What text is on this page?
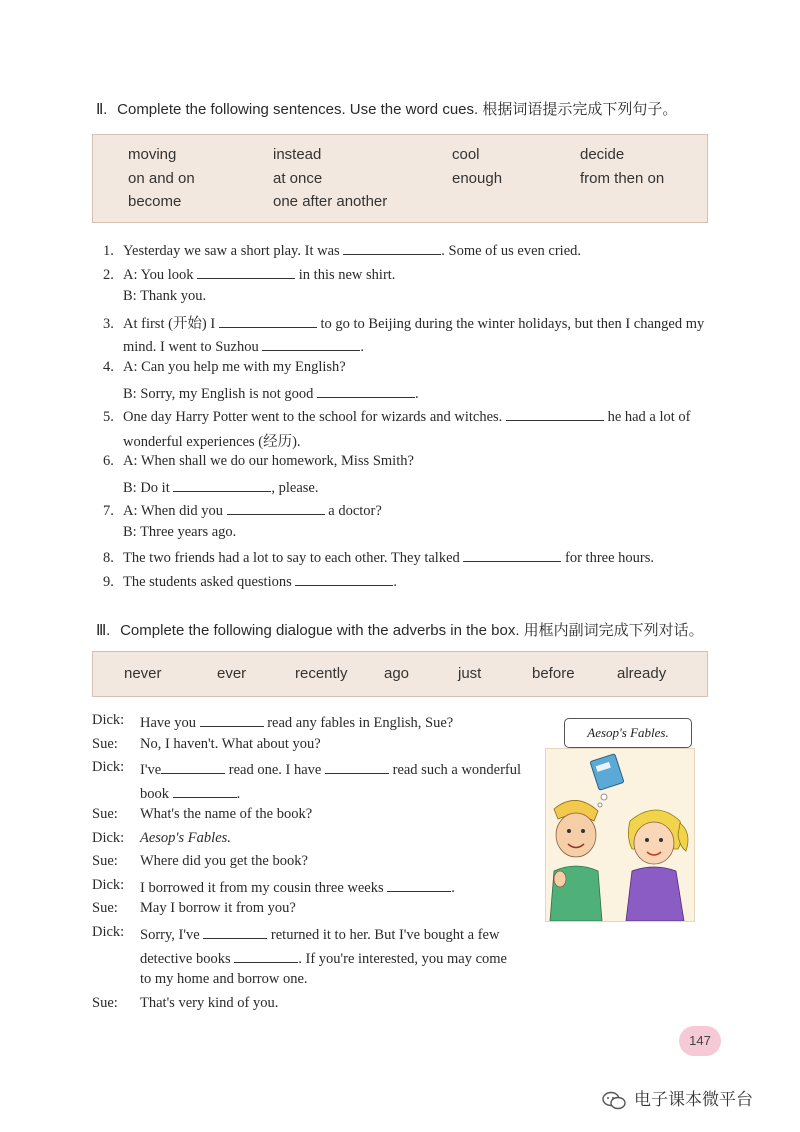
Ⅱ. Complete the following sentences. Use the word cues. 根据词语提示完成下列句子。
moving	instead	cool	decide
on and on	at once	enough	from then on
become	one after another
1. Yesterday we saw a short play. It was	. Some of us even cried.
2. A: You look	in this new shirt.
B: Thank you.
3. At first (开始) I	to go to Beijing during the winter holidays, but then I changed my
mind. I went to Suzhou	.
4. A: Can you help me with my English?
B: Sorry, my English is not good	.
5. One day Harry Potter went to the school for wizards and witches.	he had a lot of
wonderful experiences (经历).
6. A: When shall we do our homework, Miss Smith?
B: Do it	, please.
7. A: When did you	a doctor?
B: Three years ago.
8. The two friends had a lot to say to each other. They talked	for three hours.
9. The students asked questions	.
Ⅲ. Complete the following dialogue with the adverbs in the box. 用框内副词完成下列对话。
never	ever	recently ago	just	before	already
Dick: Have you	read any fables in English, Sue?
Sue: No, I haven't. What about you?
Dick: I've	read one. I have	read such a wonderful
book	.
Sue: What's the name of the book?
Dick: Aesop's Fables.
Sue: Where did you get the book?
Dick: I borrowed it from my cousin three weeks	.
Sue: May I borrow it from you?
Dick: Sorry, I've	returned it to her. But I've bought a few
detective books	. If you're interested, you may come
to my home and borrow one.
Sue: That's very kind of you.
Aesop's Fables.
147
电子课本微平台
